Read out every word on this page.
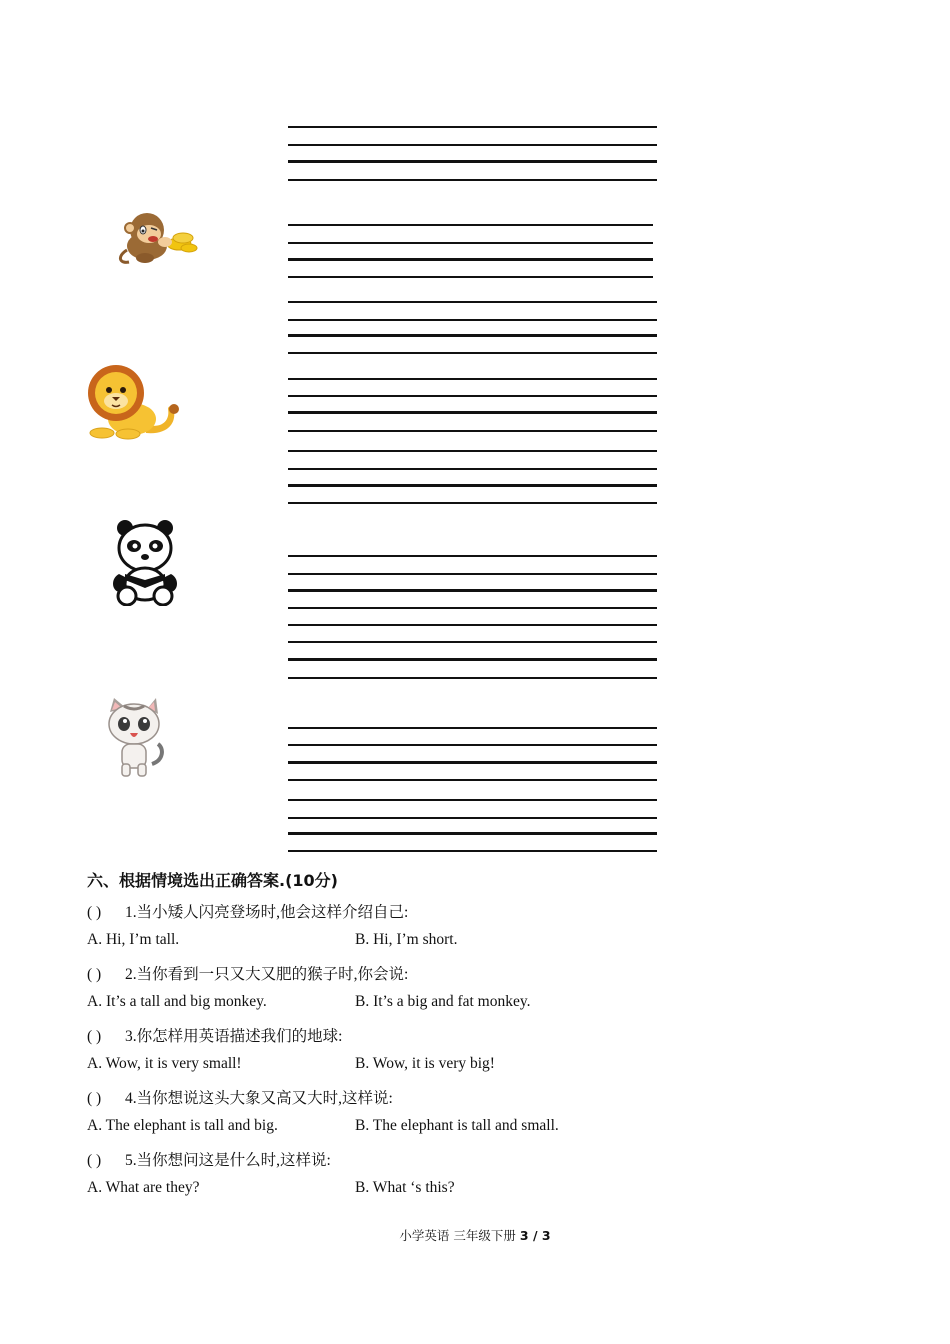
六、根据情境选出正确答案.(10分)
( ) 1.当小矮人闪亮登场时,他会这样介绍自己:
A. Hi, I’m tall.	B. Hi, I’m short.
( ) 2.当你看到一只又大又肥的猴子时,你会说:
A. It’s a tall and big monkey.	B. It’s a big and fat monkey.
( ) 3.你怎样用英语描述我们的地球:
A. Wow, it is very small!	B. Wow, it is very big!
( ) 4.当你想说这头大象又高又大时,这样说:
A. The elephant is tall and big.	B. The elephant is tall and small.
( ) 5.当你想问这是什么时,这样说:
A. What are they?	B. What ‘s this?
小学英语 三年级下册 3 / 3
